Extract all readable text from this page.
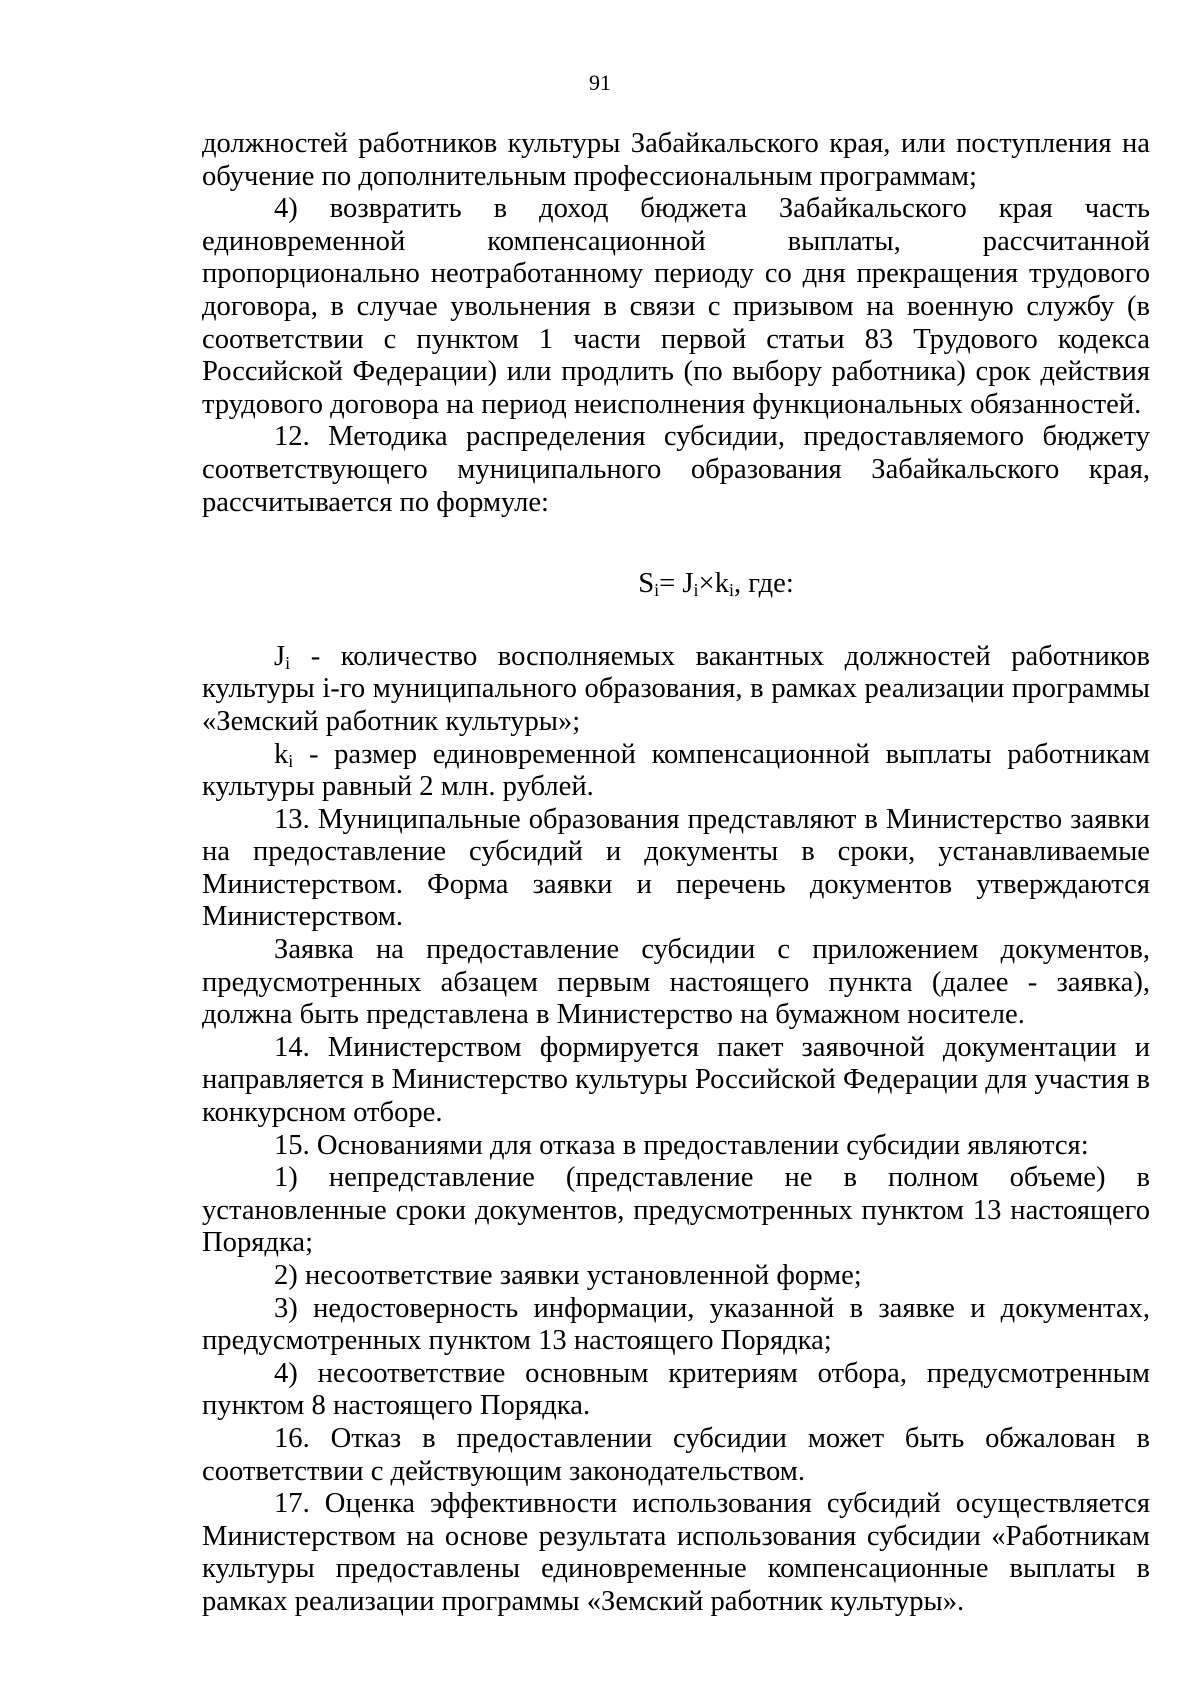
91

должностей работников культуры Забайкальского края, или поступления на обучение по дополнительным профессиональным программам;

4) возвратить в доход бюджета Забайкальского края часть единовременной компенсационной выплаты, рассчитанной пропорционально неотработанному периоду со дня прекращения трудового договора, в случае увольнения в связи с призывом на военную службу (в соответствии с пунктом 1 части первой статьи 83 Трудового кодекса Российской Федерации) или продлить (по выбору работника) срок действия трудового договора на период неисполнения функциональных обязанностей.

12. Методика распределения субсидии, предоставляемого бюджету соответствующего муниципального образования Забайкальского края, рассчитывается по формуле:

$S_i= J_i\times k_i$, где:

Ji - количество восполняемых вакантных должностей работников культуры i-го муниципального образования, в рамках реализации программы «Земский работник культуры»;

ki - размер единовременной компенсационной выплаты работникам культуры равный 2 млн. рублей.

13. Муниципальные образования представляют в Министерство заявки на предоставление субсидий и документы в сроки, устанавливаемые Министерством. Форма заявки и перечень документов утверждаются Министерством.

Заявка на предоставление субсидии с приложением документов, предусмотренных абзацем первым настоящего пункта (далее - заявка), должна быть представлена в Министерство на бумажном носителе.

14. Министерством формируется пакет заявочной документации и направляется в Министерство культуры Российской Федерации для участия в конкурсном отборе.

15. Основаниями для отказа в предоставлении субсидии являются:

1) непредставление (представление не в полном объеме) в установленные сроки документов, предусмотренных пунктом 13 настоящего Порядка;

2) несоответствие заявки установленной форме;

3) недостоверность информации, указанной в заявке и документах, предусмотренных пунктом 13 настоящего Порядка;

4) несоответствие основным критериям отбора, предусмотренным пунктом 8 настоящего Порядка.

16. Отказ в предоставлении субсидии может быть обжалован в соответствии с действующим законодательством.

17. Оценка эффективности использования субсидий осуществляется Министерством на основе результата использования субсидии «Работникам культуры предоставлены единовременные компенсационные выплаты в рамках реализации программы «Земский работник культуры».
